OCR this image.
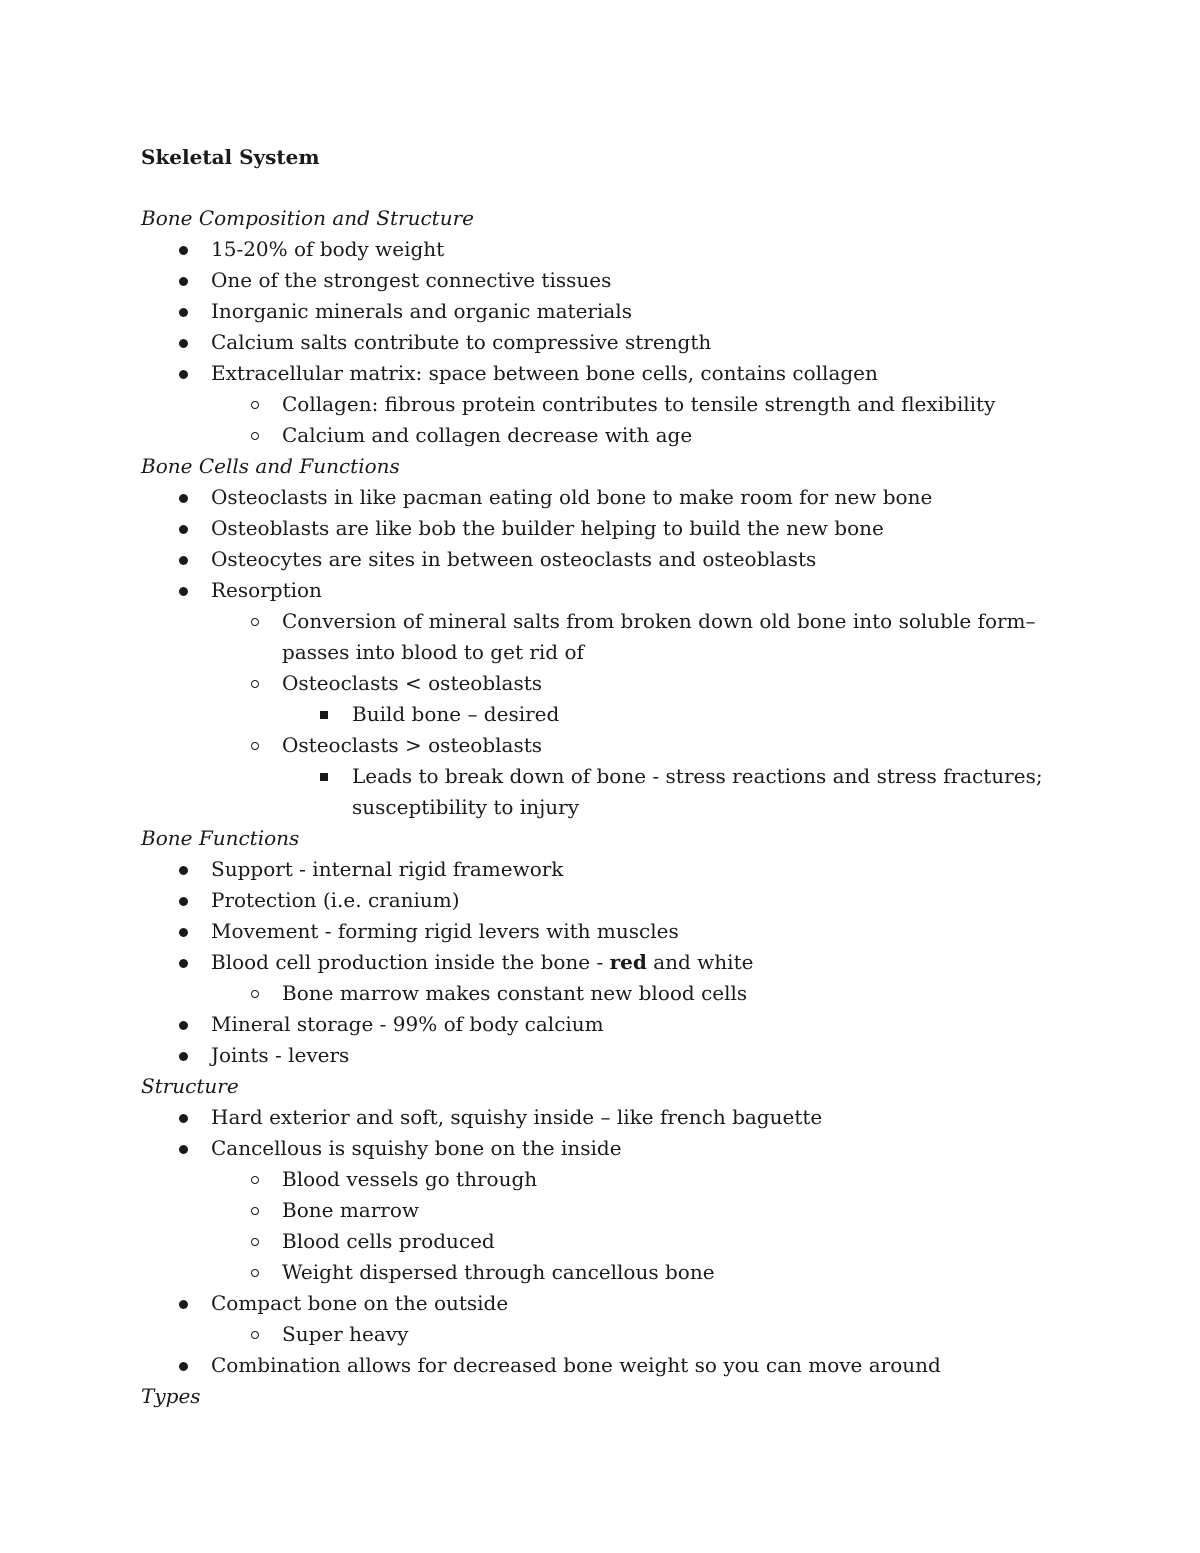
Skeletal System

Bone Composition and Structure

15-20% of body weight
One of the strongest connective tissues
Inorganic minerals and organic materials
Calcium salts contribute to compressive strength
Extracellular matrix: space between bone cells, contains collagen
Collagen: fibrous protein contributes to tensile strength and flexibility
Calcium and collagen decrease with age

Bone Cells and Functions

Osteoclasts in like pacman eating old bone to make room for new bone
Osteoblasts are like bob the builder helping to build the new bone
Osteocytes are sites in between osteoclasts and osteoblasts
Resorption
Conversion of mineral salts from broken down old bone into soluble form–passes into blood to get rid of
Osteoclasts < osteoblasts
Build bone – desired
Osteoclasts > osteoblasts
Leads to break down of bone - stress reactions and stress fractures; susceptibility to injury

Bone Functions

Support - internal rigid framework
Protection (i.e. cranium)
Movement - forming rigid levers with muscles
Blood cell production inside the bone - red and white
Bone marrow makes constant new blood cells
Mineral storage - 99% of body calcium
Joints - levers

Structure

Hard exterior and soft, squishy inside – like french baguette
Cancellous is squishy bone on the inside
Blood vessels go through
Bone marrow
Blood cells produced
Weight dispersed through cancellous bone
Compact bone on the outside
Super heavy
Combination allows for decreased bone weight so you can move around

Types
